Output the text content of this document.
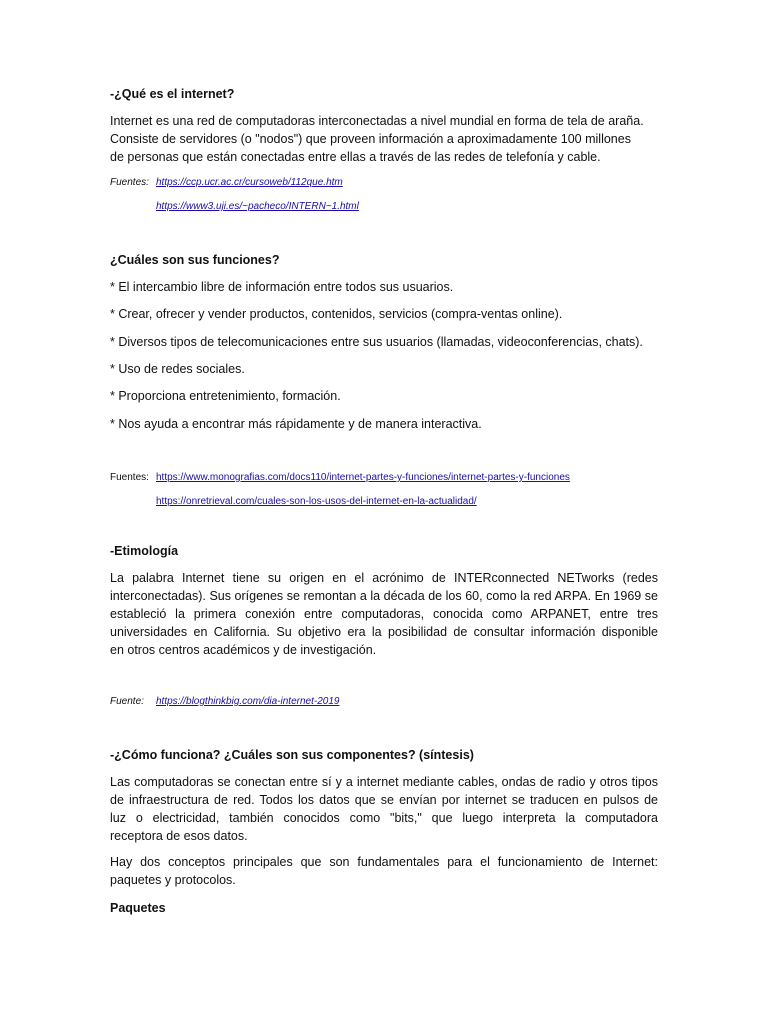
-¿Qué es el internet?
Internet es una red de computadoras interconectadas a nivel mundial en forma de tela de araña.
Consiste de servidores (o "nodos") que proveen información a aproximadamente 100 millones
de personas que están conectadas entre ellas a través de las redes de telefonía y cable.
Fuentes: https://ccp.ucr.ac.cr/cursoweb/112que.htm
https://www3.uji.es/~pacheco/INTERN~1.html
¿Cuáles son sus funciones?
* El intercambio libre de información entre todos sus usuarios.
* Crear, ofrecer y vender productos, contenidos, servicios (compra-ventas online).
* Diversos tipos de telecomunicaciones entre sus usuarios (llamadas, videoconferencias, chats).
* Uso de redes sociales.
* Proporciona entretenimiento, formación.
* Nos ayuda a encontrar más rápidamente y de manera interactiva.
Fuentes: https://www.monografias.com/docs110/internet-partes-y-funciones/internet-partes-y-funciones
https://onretrieval.com/cuales-son-los-usos-del-internet-en-la-actualidad/
-Etimología
La palabra Internet tiene su origen en el acrónimo de INTERconnected NETworks (redes
interconectadas). Sus orígenes se remontan a la década de los 60, como la red ARPA. En 1969 se
estableció la primera conexión entre computadoras, conocida como ARPANET, entre tres
universidades en California. Su objetivo era la posibilidad de consultar información disponible
en otros centros académicos y de investigación.
Fuente:	https://blogthinkbig.com/dia-internet-2019
-¿Cómo funciona? ¿Cuáles son sus componentes? (síntesis)
Las computadoras se conectan entre sí y a internet mediante cables, ondas de radio y otros tipos
de infraestructura de red. Todos los datos que se envían por internet se traducen en pulsos de
luz o electricidad, también conocidos como "bits," que luego interpreta la computadora
receptora de esos datos.
Hay dos conceptos principales que son fundamentales para el funcionamiento de Internet:
paquetes y protocolos.
Paquetes
